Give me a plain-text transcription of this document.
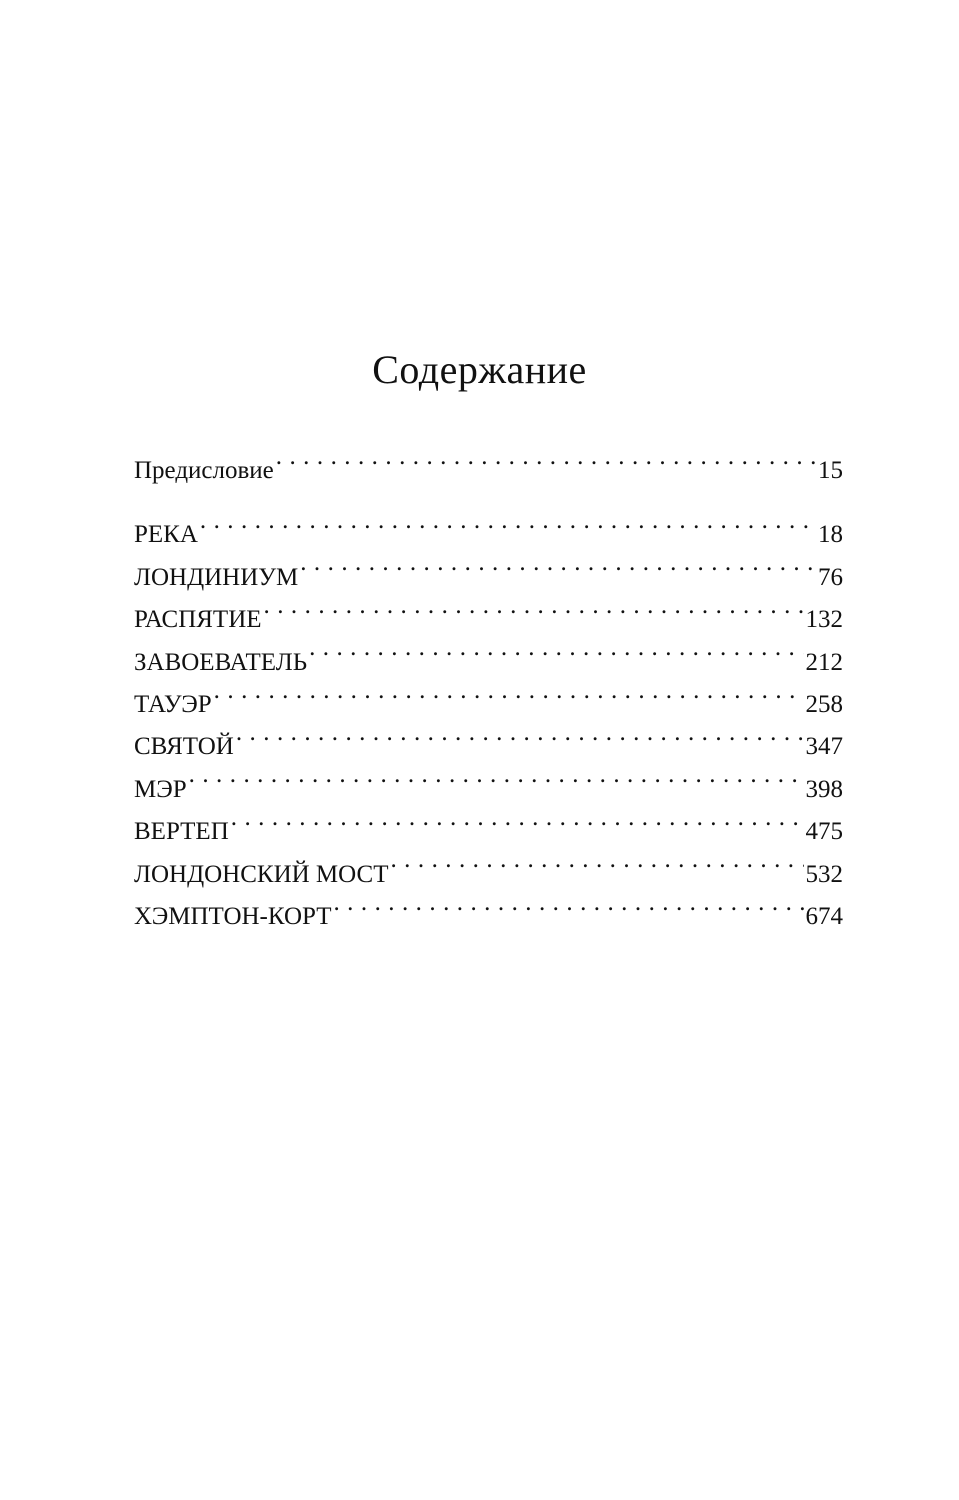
Содержание
Предисловие . . .	15
РЕКА . . .	18
ЛОНДИНИУМ . . .	76
РАСПЯТИЕ . . .	132
ЗАВОЕВАТЕЛЬ . . .	212
ТАУЭР . . .	258
СВЯТОЙ . . .	347
МЭР . . .	398
ВЕРТЕП . . .	475
ЛОНДОНСКИЙ МОСТ . . .	532
ХЭМПТОН-КОРТ . . .	674
